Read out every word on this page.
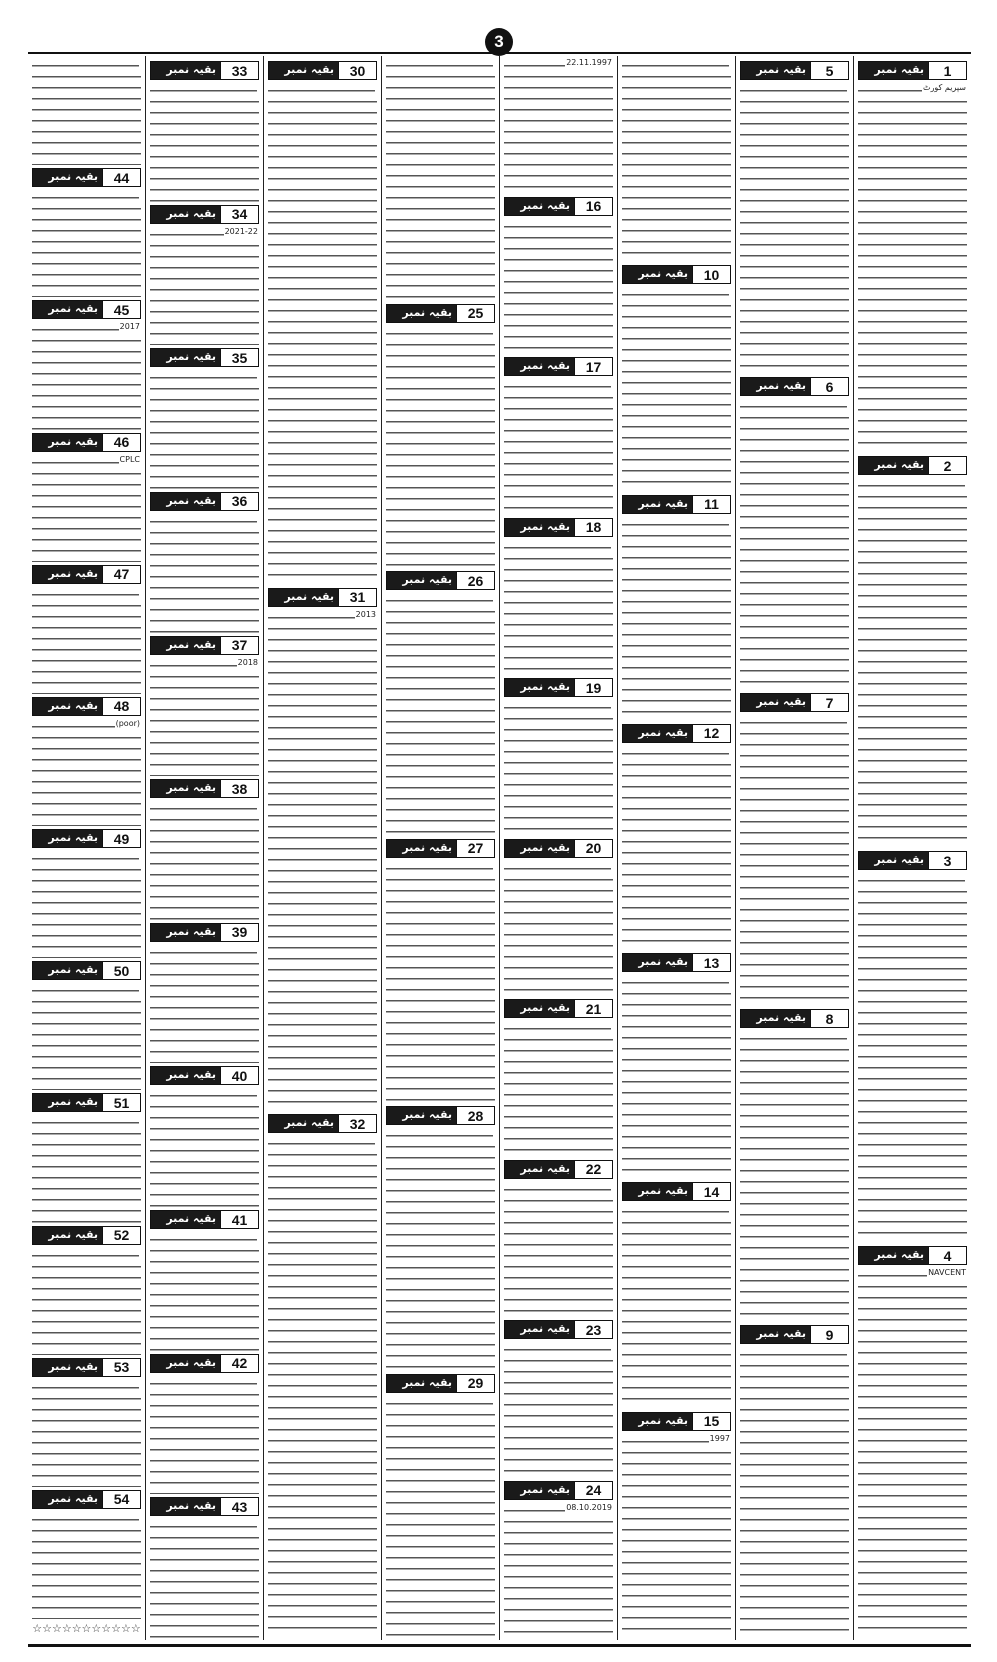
3
1
بقیہ نمبر
سپریم کورٹ
2
بقیہ نمبر
3
بقیہ نمبر
4
بقیہ نمبر
NAVCENT
5
بقیہ نمبر
6
بقیہ نمبر
7
بقیہ نمبر
8
بقیہ نمبر
9
بقیہ نمبر
10
بقیہ نمبر
11
بقیہ نمبر
12
بقیہ نمبر
13
بقیہ نمبر
14
بقیہ نمبر
15
بقیہ نمبر
1997
22.11.1997
16
بقیہ نمبر
17
بقیہ نمبر
18
بقیہ نمبر
19
بقیہ نمبر
20
بقیہ نمبر
21
بقیہ نمبر
22
بقیہ نمبر
23
بقیہ نمبر
24
بقیہ نمبر
08.10.2019
25
بقیہ نمبر
26
بقیہ نمبر
27
بقیہ نمبر
28
بقیہ نمبر
29
بقیہ نمبر
30
بقیہ نمبر
31
بقیہ نمبر
2013
32
بقیہ نمبر
33
بقیہ نمبر
34
بقیہ نمبر
2021-22
35
بقیہ نمبر
36
بقیہ نمبر
37
بقیہ نمبر
2018
38
بقیہ نمبر
39
بقیہ نمبر
40
بقیہ نمبر
41
بقیہ نمبر
42
بقیہ نمبر
43
بقیہ نمبر
44
بقیہ نمبر
45
بقیہ نمبر
2017
46
بقیہ نمبر
CPLC
47
بقیہ نمبر
48
بقیہ نمبر
(poor)
49
بقیہ نمبر
50
بقیہ نمبر
51
بقیہ نمبر
52
بقیہ نمبر
53
بقیہ نمبر
54
بقیہ نمبر
☆☆☆☆☆☆☆☆☆☆☆
